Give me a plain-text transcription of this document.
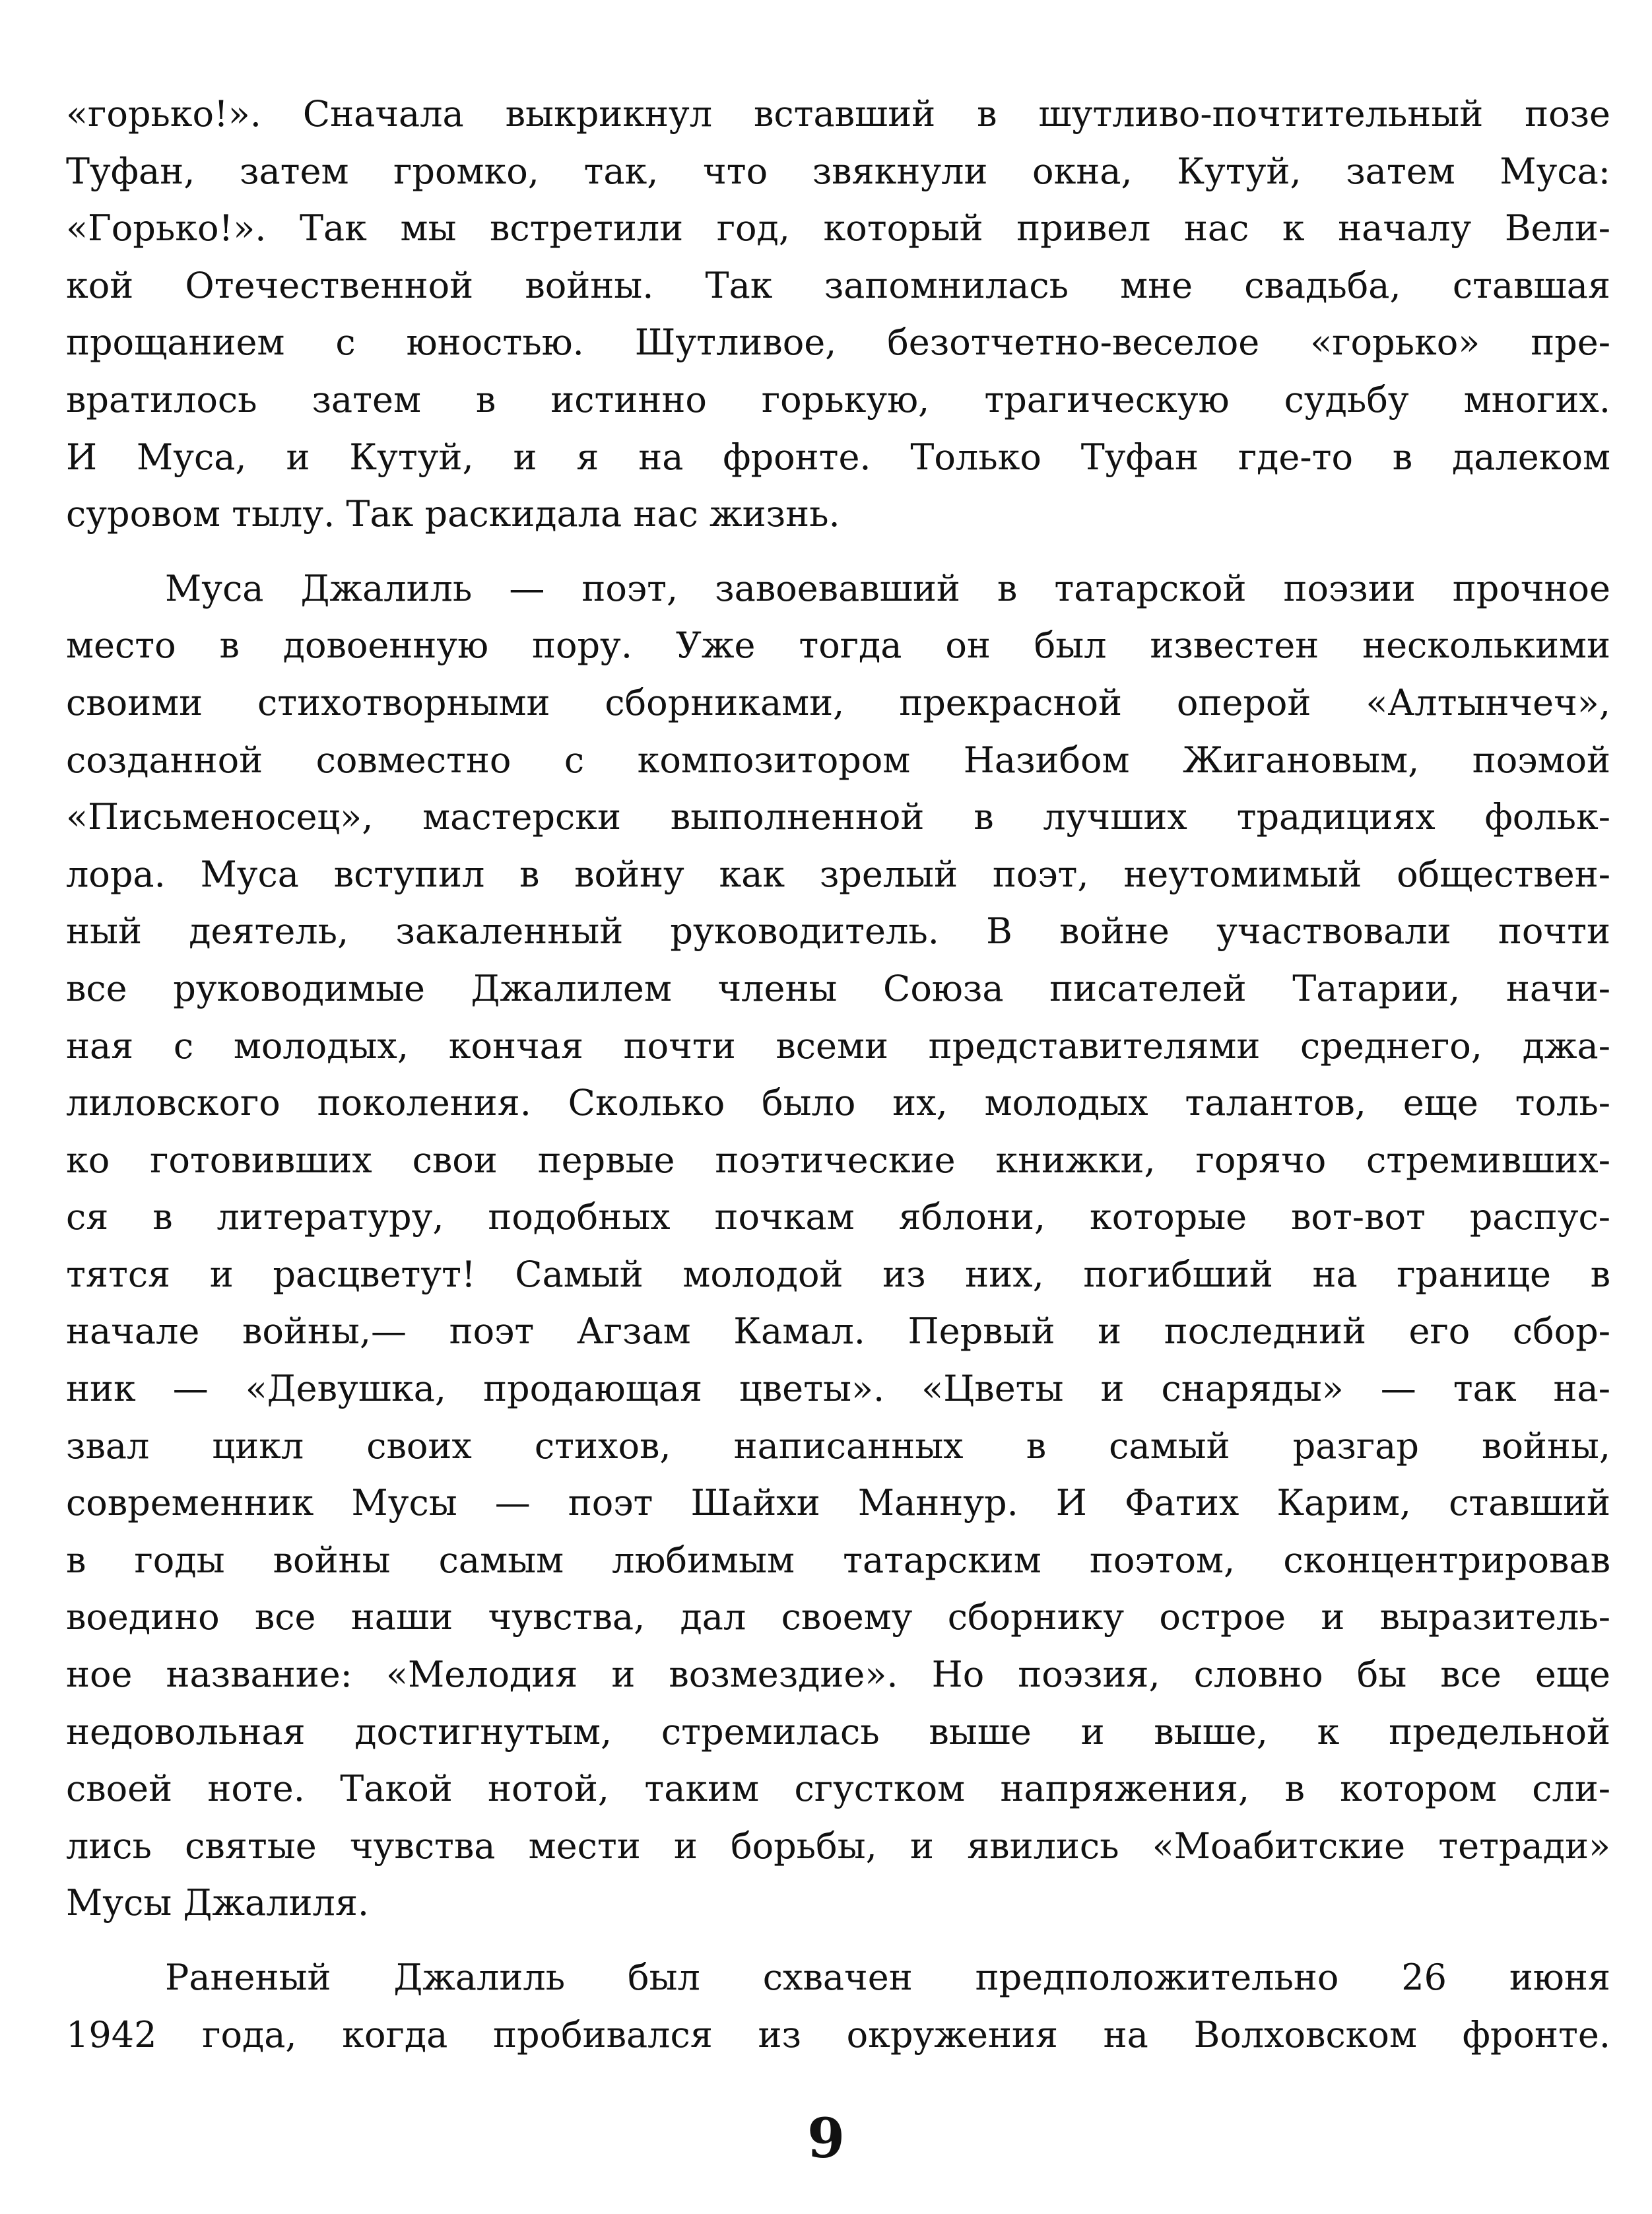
«горько!». Сначала выкрикнул вставший в шутливо-почтительный позе
Туфан, затем громко, так, что звякнули окна, Кутуй, затем Муса:
«Горько!». Так мы встретили год, который привел нас к началу Вели-
кой Отечественной войны. Так запомнилась мне свадьба, ставшая
прощанием с юностью. Шутливое, безотчетно-веселое «горько» пре-
вратилось затем в истинно горькую, трагическую судьбу многих.
И Муса, и Кутуй, и я на фронте. Только Туфан где-то в далеком
суровом тылу. Так раскидала нас жизнь.
Муса Джалиль — поэт, завоевавший в татарской поэзии прочное
место в довоенную пору. Уже тогда он был известен несколькими
своими стихотворными сборниками, прекрасной оперой «Алтынчеч»,
созданной совместно с композитором Назибом Жигановым, поэмой
«Письменосец», мастерски выполненной в лучших традициях фольк-
лора. Муса вступил в войну как зрелый поэт, неутомимый обществен-
ный деятель, закаленный руководитель. В войне участвовали почти
все руководимые Джалилем члены Союза писателей Татарии, начи-
ная с молодых, кончая почти всеми представителями среднего, джа-
лиловского поколения. Сколько было их, молодых талантов, еще толь-
ко готовивших свои первые поэтические книжки, горячо стремивших-
ся в литературу, подобных почкам яблони, которые вот-вот распус-
тятся и расцветут! Самый молодой из них, погибший на границе в
начале войны,— поэт Агзам Камал. Первый и последний его сбор-
ник — «Девушка, продающая цветы». «Цветы и снаряды» — так на-
звал цикл своих стихов, написанных в самый разгар войны,
современник Мусы — поэт Шайхи Маннур. И Фатих Карим, ставший
в годы войны самым любимым татарским поэтом, сконцентрировав
воедино все наши чувства, дал своему сборнику острое и выразитель-
ное название: «Мелодия и возмездие». Но поэзия, словно бы все еще
недовольная достигнутым, стремилась выше и выше, к предельной
своей ноте. Такой нотой, таким сгустком напряжения, в котором сли-
лись святые чувства мести и борьбы, и явились «Моабитские тетради»
Мусы Джалиля.
Раненый Джалиль был схвачен предположительно 26 июня
1942 года, когда пробивался из окружения на Волховском фронте.
9
